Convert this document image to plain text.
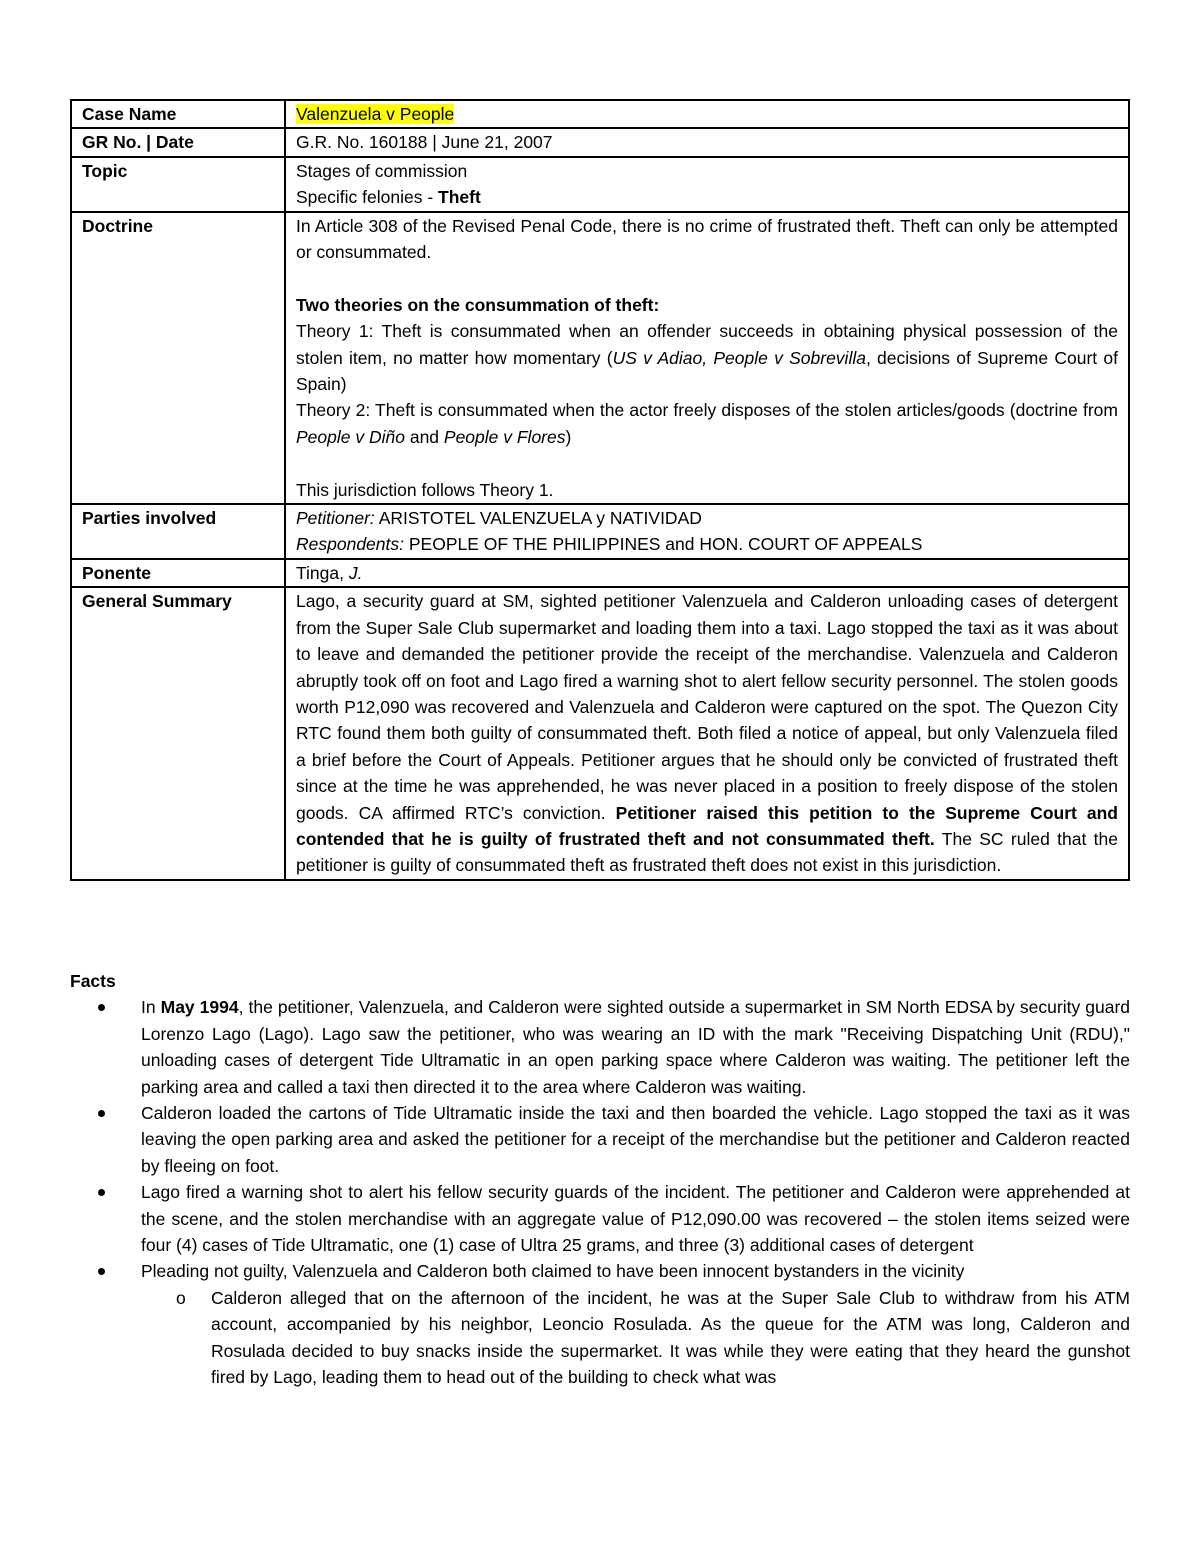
Case Name	Valenzuela v People
GR No. | Date	G.R. No. 160188 | June 21, 2007
Topic	Stages of commission
Specific felonies - Theft

Doctrine	In Article 308 of the Revised Penal Code, there is no crime of frustrated theft. Theft can only be attempted or consummated.
Two theories on the consummation of theft:
Theory 1: Theft is consummated when an offender succeeds in obtaining physical possession of the stolen item, no matter how momentary (US v Adiao, People v Sobrevilla, decisions of Supreme Court of Spain)
Theory 2: Theft is consummated when the actor freely disposes of the stolen articles/goods (doctrine from People v Diño and People v Flores)
This jurisdiction follows Theory 1.

Parties involved	Petitioner: ARISTOTEL VALENZUELA y NATIVIDAD
Respondents: PEOPLE OF THE PHILIPPINES and HON. COURT OF APPEALS

Ponente	Tinga, J.
General Summary	Lago, a security guard at SM, sighted petitioner Valenzuela and Calderon unloading cases of detergent from the Super Sale Club supermarket and loading them into a taxi. Lago stopped the taxi as it was about to leave and demanded the petitioner provide the receipt of the merchandise. Valenzuela and Calderon abruptly took off on foot and Lago fired a warning shot to alert fellow security personnel. The stolen goods worth P12,090 was recovered and Valenzuela and Calderon were captured on the spot. The Quezon City RTC found them both guilty of consummated theft. Both filed a notice of appeal, but only Valenzuela filed a brief before the Court of Appeals. Petitioner argues that he should only be convicted of frustrated theft since at the time he was apprehended, he was never placed in a position to freely dispose of the stolen goods. CA affirmed RTC’s conviction. Petitioner raised this petition to the Supreme Court and contended that he is guilty of frustrated theft and not consummated theft. The SC ruled that the petitioner is guilty of consummated theft as frustrated theft does not exist in this jurisdiction.
Facts
In May 1994, the petitioner, Valenzuela, and Calderon were sighted outside a supermarket in SM North EDSA by security guard Lorenzo Lago (Lago). Lago saw the petitioner, who was wearing an ID with the mark "Receiving Dispatching Unit (RDU)," unloading cases of detergent Tide Ultramatic in an open parking space where Calderon was waiting. The petitioner left the parking area and called a taxi then directed it to the area where Calderon was waiting.
Calderon loaded the cartons of Tide Ultramatic inside the taxi and then boarded the vehicle. Lago stopped the taxi as it was leaving the open parking area and asked the petitioner for a receipt of the merchandise but the petitioner and Calderon reacted by fleeing on foot.
Lago fired a warning shot to alert his fellow security guards of the incident. The petitioner and Calderon were apprehended at the scene, and the stolen merchandise with an aggregate value of P12,090.00 was recovered – the stolen items seized were four (4) cases of Tide Ultramatic, one (1) case of Ultra 25 grams, and three (3) additional cases of detergent
Pleading not guilty, Valenzuela and Calderon both claimed to have been innocent bystanders in the vicinity
o Calderon alleged that on the afternoon of the incident, he was at the Super Sale Club to withdraw from his ATM account, accompanied by his neighbor, Leoncio Rosulada. As the queue for the ATM was long, Calderon and Rosulada decided to buy snacks inside the supermarket. It was while they were eating that they heard the gunshot fired by Lago, leading them to head out of the building to check what was
